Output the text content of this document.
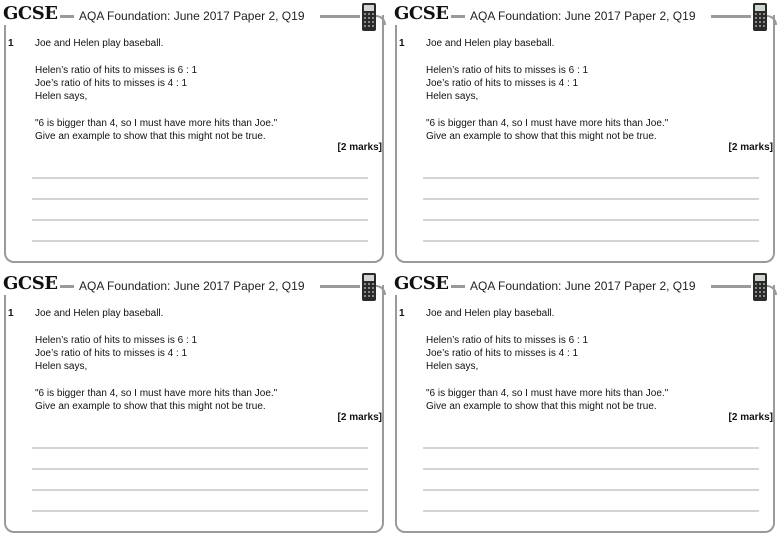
GCSE AQA Foundation: June 2017 Paper 2, Q19
1 Joe and Helen play baseball.
Helen’s ratio of hits to misses is 6 : 1
Joe’s ratio of hits to misses is 4 : 1
Helen says,
"6 is bigger than 4, so I must have more hits than Joe."
Give an example to show that this might not be true.
[2 marks]
GCSE AQA Foundation: June 2017 Paper 2, Q19
1 Joe and Helen play baseball.
Helen’s ratio of hits to misses is 6 : 1
Joe’s ratio of hits to misses is 4 : 1
Helen says,
"6 is bigger than 4, so I must have more hits than Joe."
Give an example to show that this might not be true.
[2 marks]
GCSE AQA Foundation: June 2017 Paper 2, Q19
1 Joe and Helen play baseball.
Helen’s ratio of hits to misses is 6 : 1
Joe’s ratio of hits to misses is 4 : 1
Helen says,
"6 is bigger than 4, so I must have more hits than Joe."
Give an example to show that this might not be true.
[2 marks]
GCSE AQA Foundation: June 2017 Paper 2, Q19
1 Joe and Helen play baseball.
Helen’s ratio of hits to misses is 6 : 1
Joe’s ratio of hits to misses is 4 : 1
Helen says,
"6 is bigger than 4, so I must have more hits than Joe."
Give an example to show that this might not be true.
[2 marks]
